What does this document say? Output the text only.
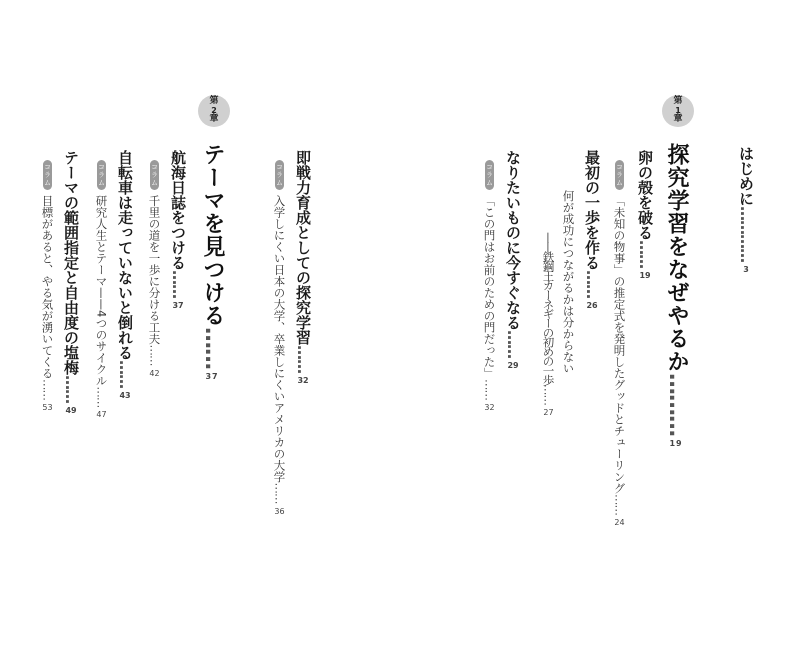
はじめに…………3
第
1
章
探究学習をなぜやるか………19
卵の殻を破る……19
コラム「未知の物事」の推定式を発明したグッドとチューリング……24
最初の一歩を作る……26
何が成功につながるかは分からない
——鉄鋼王カーネギーの初めの一歩……27
なりたいものに今すぐなる……29
コラム「この門はお前のための門だった」……32
即戦力育成としての探究学習……32
コラム入学しにくい日本の大学、卒業しにくいアメリカの大学……36
第
2
章
テーマを見つける……37
航海日誌をつける……37
コラム千里の道を一歩に分ける工夫……42
自転車は走っていないと倒れる……43
コラム研究人生とテーマ——4つのサイクル……47
テーマの範囲指定と自由度の塩梅……49
コラム目標があると、やる気が湧いてくる……53
